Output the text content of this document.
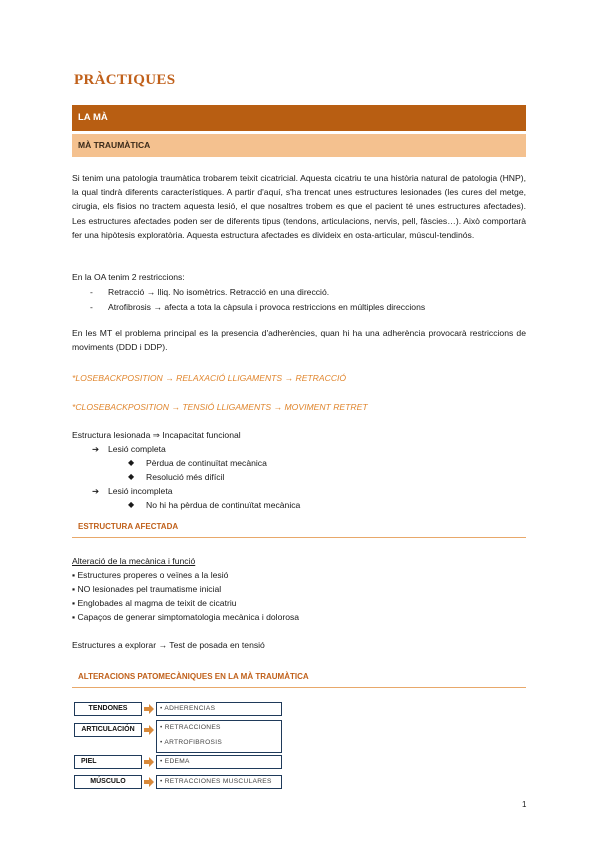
PRÀCTIQUES
LA MÀ
MÀ TRAUMÀTICA
Si tenim una patologia traumàtica trobarem teixit cicatricial. Aquesta cicatriu te una història natural de patologia (HNP), la qual tindrà diferents característiques. A partir d'aquí, s'ha trencat unes estructures lesionades (les cures del metge, cirugia, els fisios no tractem aquesta lesió, el que nosaltres trobem es que el pacient té unes estructures afectades). Les estructures afectades poden ser de diferents tipus (tendons, articulacions, nervis, pell, fàscies…). Això comportarà fer una hipòtesis exploratòria. Aquesta estructura afectades es divideix en osta-articular, múscul-tendinós.
En la OA tenim 2 restriccions:
- Retracció → lliq. No isomètrics. Retracció en una direcció.
- Atrofibrosis → afecta a tota la càpsula i provoca restriccions en múltiples direccions
En les MT el problema principal es la presencia d'adherències, quan hi ha una adherència provocarà restriccions de moviments (DDD i DDP).
*LOSEBACKPOSITION → RELAXACIÓ LLIGAMENTS → RETRACCIÓ
*CLOSEBACKPOSITION → TENSIÓ LLIGAMENTS → MOVIMENT RETRET
Estructura lesionada ⇒ Incapacitat funcional
➔ Lesió completa
◆ Pèrdua de continuïtat mecànica
◆ Resolució més difícil
➔ Lesió incompleta
◆ No hi ha pèrdua de continuïtat mecànica
ESTRUCTURA AFECTADA
Alteració de la mecànica i funció
▪ Estructures properes o veïnes a la lesió
▪ NO lesionades pel traumatisme inicial
▪ Englobades al magma de teixit de cicatriu
▪ Capaços de generar simptomatologia mecànica i dolorosa
Estructures a explorar → Test de posada en tensió
ALTERACIONS PATOMECÀNIQUES EN LA MÀ TRAUMÀTICA
TENDONES	• ADHERENCIAS
ARTICULACIÓN	• RETRACCIONES
• ARTROFIBROSIS
PIEL	• EDEMA
MÚSCULO	• RETRACCIONES MUSCULARES
1
